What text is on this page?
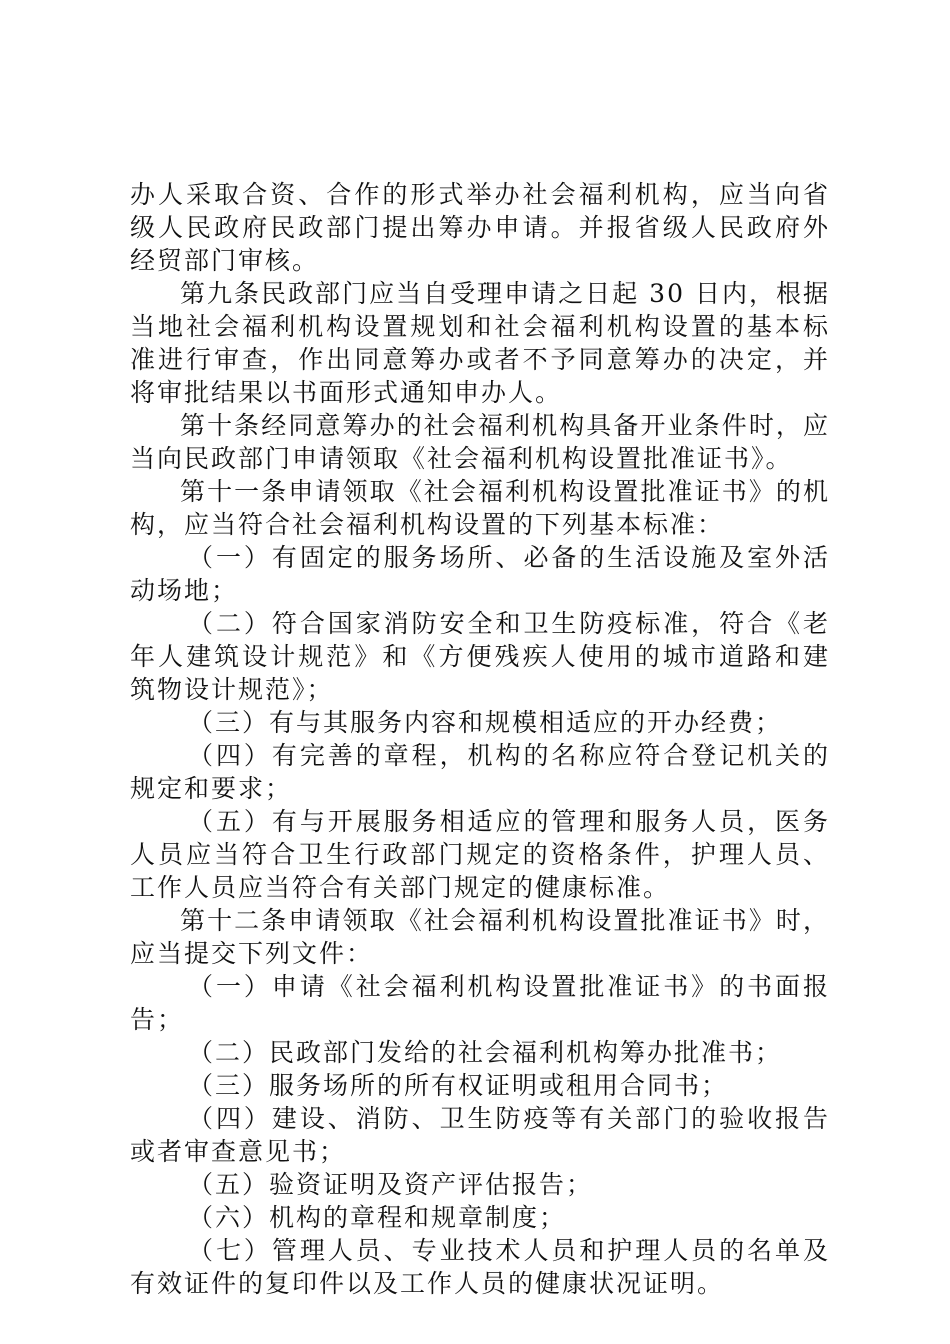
办人采取合资、合作的形式举办社会福利机构，应当向省级人民政府民政部门提出筹办申请。并报省级人民政府外经贸部门审核。

第九条民政部门应当自受理申请之日起 30 日内，根据当地社会福利机构设置规划和社会福利机构设置的基本标准进行审查，作出同意筹办或者不予同意筹办的决定，并将审批结果以书面形式通知申办人。

第十条经同意筹办的社会福利机构具备开业条件时，应当向民政部门申请领取《社会福利机构设置批准证书》。

第十一条申请领取《社会福利机构设置批准证书》的机构，应当符合社会福利机构设置的下列基本标准：

（一）有固定的服务场所、必备的生活设施及室外活动场地；

（二）符合国家消防安全和卫生防疫标准，符合《老年人建筑设计规范》和《方便残疾人使用的城市道路和建筑物设计规范》；

（三）有与其服务内容和规模相适应的开办经费；

（四）有完善的章程，机构的名称应符合登记机关的规定和要求；

（五）有与开展服务相适应的管理和服务人员，医务人员应当符合卫生行政部门规定的资格条件，护理人员、工作人员应当符合有关部门规定的健康标准。

第十二条申请领取《社会福利机构设置批准证书》时，应当提交下列文件：

（一）申请《社会福利机构设置批准证书》的书面报告；

（二）民政部门发给的社会福利机构筹办批准书；

（三）服务场所的所有权证明或租用合同书；

（四）建设、消防、卫生防疫等有关部门的验收报告或者审查意见书；

（五）验资证明及资产评估报告；

（六）机构的章程和规章制度；

（七）管理人员、专业技术人员和护理人员的名单及有效证件的复印件以及工作人员的健康状况证明。
